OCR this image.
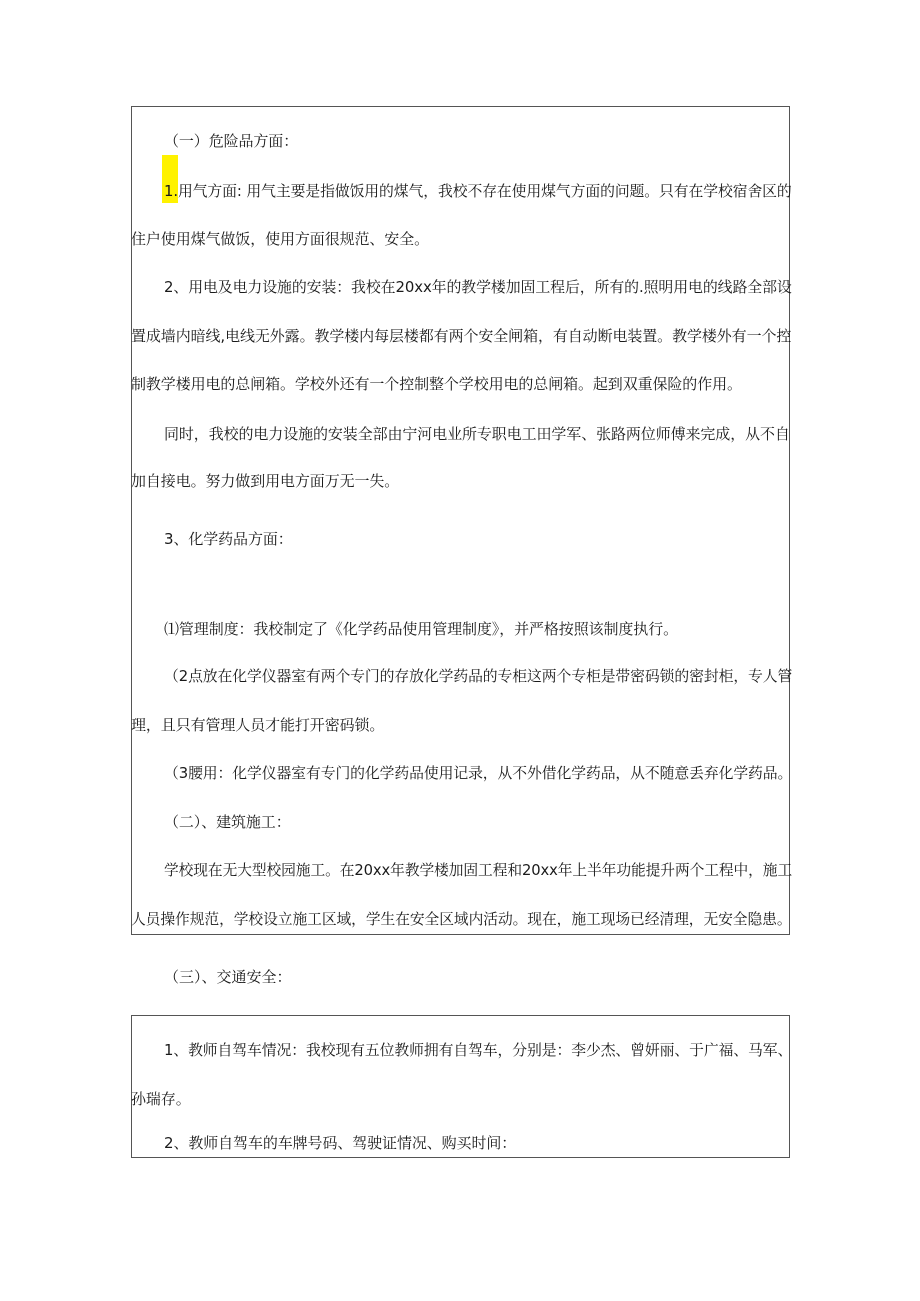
（一）危险品方面：
1.用气方面: 用气主要是指做饭用的煤气，我校不存在使用煤气方面的问题。只有在学校宿舍区的
住户使用煤气做饭，使用方面很规范、安全。
2、用电及电力设施的安装：我校在20xx年的教学楼加固工程后，所有的.照明用电的线路全部设
置成墙内暗线,电线无外露。教学楼内每层楼都有两个安全闸箱，有自动断电装置。教学楼外有一个控
制教学楼用电的总闸箱。学校外还有一个控制整个学校用电的总闸箱。起到双重保险的作用。
同时，我校的电力设施的安装全部由宁河电业所专职电工田学军、张路两位师傅来完成，从不自
加自接电。努力做到用电方面万无一失。
3、化学药品方面：
⑴管理制度：我校制定了《化学药品使用管理制度》，并严格按照该制度执行。
（2点放在化学仪器室有两个专门的存放化学药品的专柜这两个专柜是带密码锁的密封柜，专人管
理，且只有管理人员才能打开密码锁。
（3腰用：化学仪器室有专门的化学药品使用记录，从不外借化学药品，从不随意丢弃化学药品。
（二）、建筑施工：
学校现在无大型校园施工。在20xx年教学楼加固工程和20xx年上半年功能提升两个工程中，施工
人员操作规范，学校设立施工区域，学生在安全区域内活动。现在，施工现场已经清理，无安全隐患。
（三）、交通安全：
1、教师自驾车情况：我校现有五位教师拥有自驾车，分别是：李少杰、曾妍丽、于广福、马军、
孙瑞存。
2、教师自驾车的车牌号码、驾驶证情况、购买时间：
